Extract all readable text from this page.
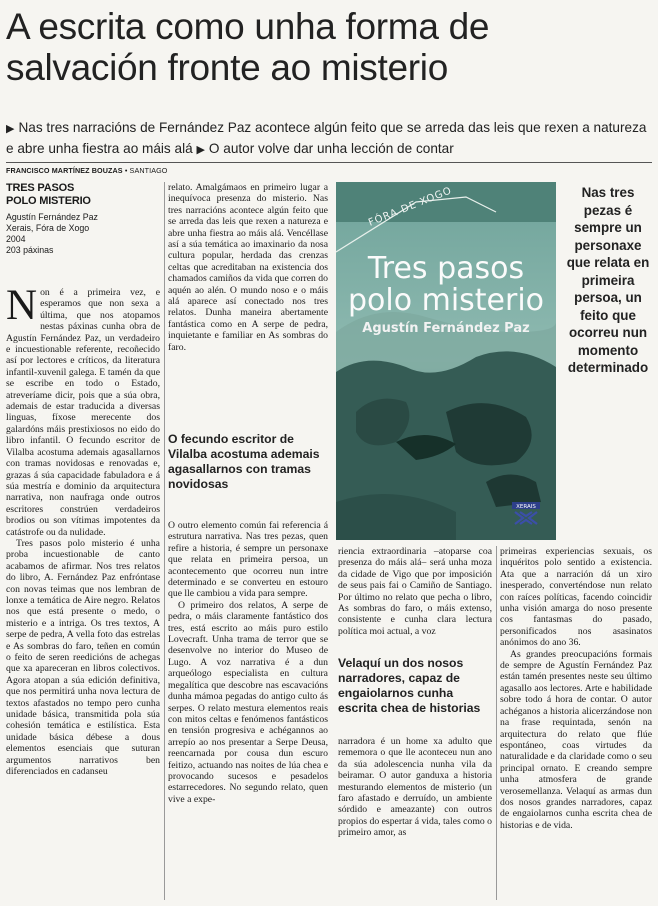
A escrita como unha forma de
salvación fronte ao misterio
▶ Nas tres narracións de Fernández Paz acontece algún feito que se arreda das leis que rexen a natureza e abre unha fiestra ao máis alá ▶ O autor volve dar unha lección de contar
FRANCISCO MARTÍNEZ BOUZAS • SANTIAGO
TRES PASOS
POLO MISTERIO
Agustín Fernández Paz
Xerais, Fóra de Xogo
2004
203 páxinas

Non é a primeira vez, e esperamos que non sexa a última, que nos atopamos nestas páxinas cunha obra de Agustín Fernández Paz, un verdadeiro e incuestionable referente, recoñecido así por lectores e críticos, da literatura infantil-xuvenil galega. E tamén da que se escribe en todo o Estado, atreveríame dicir, pois que a súa obra, ademais de estar traducida a diversas linguas, fíxose merecente dos galardóns máis prestixiosos no eido do libro infantil. O fecundo escritor de Vilalba acostuma ademais agasallarnos con tramas novidosas e renovadas e, grazas á súa capacidade fabuladora e á súa mestría e dominio da arquitectura narrativa, non naufraga onde outros escritores constrúen verdadeiros brodios ou son vítimas impotentes da catástrofe ou da nulidade.

Tres pasos polo misterio é unha proba incuestionable de canto acabamos de afirmar. Nos tres relatos do libro, A. Fernández Paz enfróntase con novas teimas que nos lembran de lonxe a temática de Aire negro. Relatos nos que está presente o medo, o misterio e a intriga. Os tres textos, A serpe de pedra, A vella foto das estrelas e As sombras do faro, teñen en común o feito de seren reedicións de achegas que xa apareceran en libros colectivos. Agora atopan a súa edición definitiva, que nos permitirá unha nova lectura de textos afastados no tempo pero cunha unidade básica, transmitida pola súa cohesión temática e estilística. Esta unidade básica débese a dous elementos esenciais que suturan argumentos narrativos ben diferenciados en cadanseu

relato. Amalgámaos en primeiro lugar a inequívoca presenza do misterio. Nas tres narracións acontece algún feito que se arreda das leis que rexen a natureza e abre unha fiestra ao máis alá. Vencéllase así a súa temática ao imaxinario da nosa cultura popular, herdada das crenzas celtas que acreditaban na existencia dos chamados camiños da vida que corren do aquén ao alén. O mundo noso e o máis alá aparece así conectado nos tres relatos. Dunha maneira abertamente fantástica como en A serpe de pedra, inquietante e familiar en As sombras do faro.

O fecundo escritor de Vilalba acostuma ademais agasallarnos con tramas novidosas

O outro elemento común fai referencia á estrutura narrativa. Nas tres pezas, quen refire a historia, é sempre un personaxe que relata en primeira persoa, un acontecemento que ocorreu nun intre determinado e se converteu en estouro que lle cambiou a vida para sempre.

O primeiro dos relatos, A serpe de pedra, o máis claramente fantástico dos tres, está escrito ao máis puro estilo Lovecraft. Unha trama de terror que se desenvolve no interior do Museo de Lugo. A voz narrativa é a dun arqueólogo especialista en cultura megalítica que descobre nas escavacións dunha mámoa pegadas do antigo culto ás serpes. O relato mestura elementos reais con mitos celtas e fenómenos fantásticos en tensión progresiva e achégannos ao arrepío ao nos presentar a Serpe Deusa, reencarnada por cousa dun escuro feitizo, actuando nas noites de lúa chea e provocando sucesos e pesadelos estarrecedores. No segundo relato, quen vive a expe-

FÓRA DE XOGO
Tres pasos
polo misterio
Agustín Fernández Paz
XERAIS
Nas tres pezas é sempre un personaxe que relata en primeira persoa, un feito que ocorreu nun momento determinado

riencia extraordinaria –atoparse coa presenza do máis alá– será unha moza da cidade de Vigo que por imposición de seus pais fai o Camiño de Santiago. Por último no relato que pecha o libro, As sombras do faro, o máis extenso, consistente e cunha clara lectura política moi actual, a voz

Velaquí un dos nosos narradores, capaz de engaiolarnos cunha escrita chea de historias

narradora é un home xa adulto que rememora o que lle aconteceu nun ano da súa adolescencia nunha vila da beiramar. O autor ganduxa a historia mesturando elementos de misterio (un faro afastado e derruído, un ambiente sórdido e ameazante) con outros propios do espertar á vida, tales como o primeiro amor, as

primeiras experiencias sexuais, os inquéritos polo sentido a existencia. Ata que a narración dá un xiro inesperado, converténdose nun relato con raíces políticas, facendo coincidir unha visión amarga do noso presente cos fantasmas do pasado, personificados nos asasinatos anónimos do ano 36.

As grandes preocupacións formais de sempre de Agustín Fernández Paz están tamén presentes neste seu último agasallo aos lectores. Arte e habilidade sobre todo á hora de contar. O autor achéganos a historia alicerzándose non na frase requintada, senón na arquitectura do relato que flúe espontáneo, coas virtudes da naturalidade e da claridade como o seu principal ornato. E creando sempre unha atmosfera de grande verosemellanza. Velaquí as armas dun dos nosos grandes narradores, capaz de engaiolarnos cunha escrita chea de historias e de vida.
